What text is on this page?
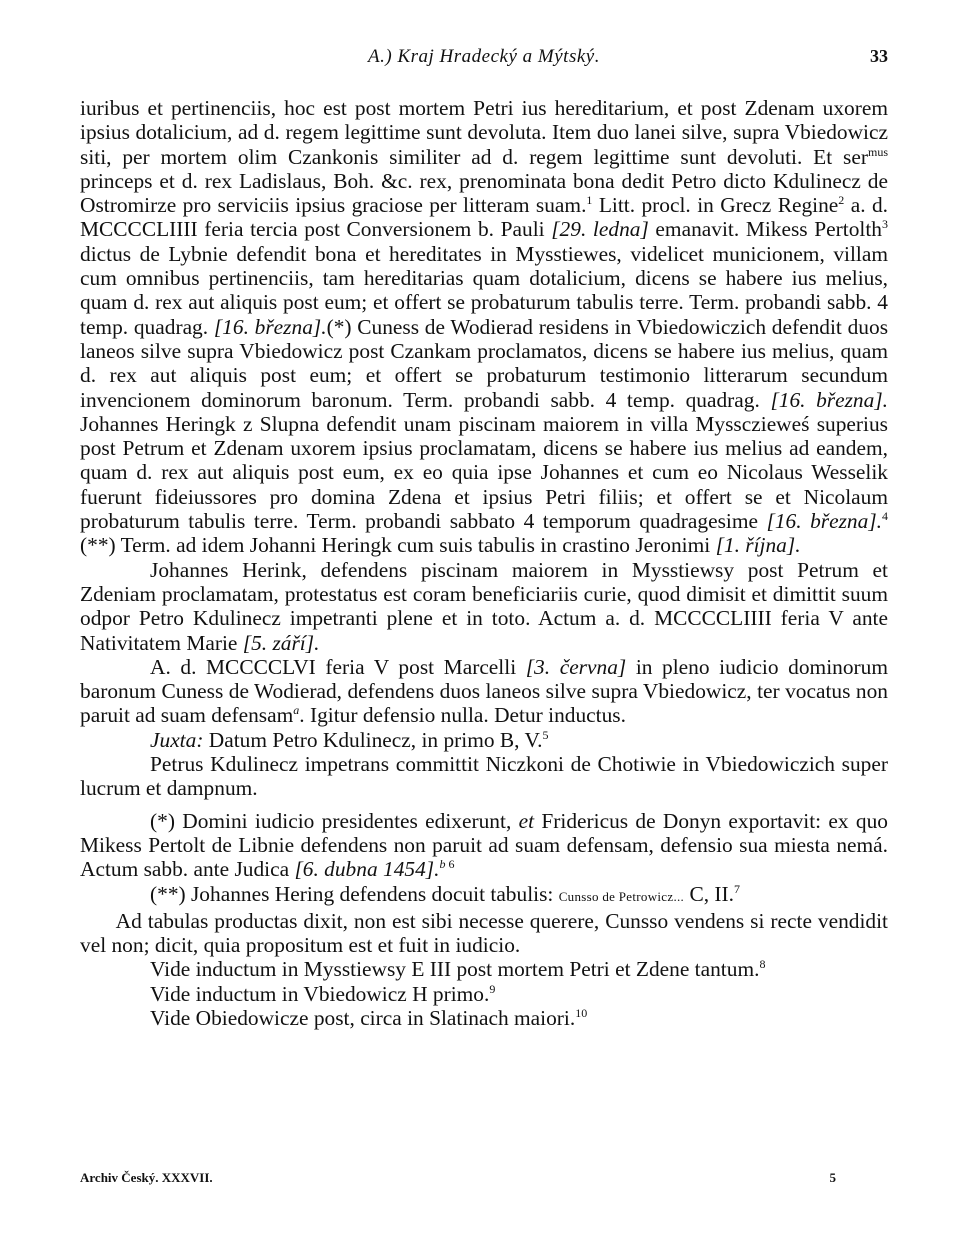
A.) Kraj Hradecký a Mýtský.	33

iuribus et pertinenciis, hoc est post mortem Petri ius hereditarium, et post Zdenam uxorem ipsius dotalicium, ad d. regem legittime sunt devoluta. Item duo lanei silve, supra Vbiedowicz siti, per mortem olim Czankonis similiter ad d. regem legittime sunt devoluti. Et ser$^{mus}$ princeps et d. rex Ladislaus, Boh. &c. rex, prenominata bona dedit Petro dicto Kdulinecz de Ostromirze pro serviciis ipsius graciose per litteram suam.$^1$ Litt. procl. in Grecz Regine$^2$ a. d. MCCCCLIIII feria tercia post Conversionem b. Pauli [29. ledna] emanavit. Mikess Pertolth$^3$ dictus de Lybnie defendit bona et hereditates in Mysstiewes, videlicet municionem, villam cum omnibus pertinenciis, tam hereditarias quam dotalicium, dicens se habere ius melius, quam d. rex aut aliquis post eum; et offert se probaturum tabulis terre. Term. probandi sabb. 4 temp. quadrag. [16. března].(*) Cuness de Wodierad residens in Vbiedowiczich defendit duos laneos silve supra Vbiedowicz post Czankam proclamatos, dicens se habere ius melius, quam d. rex aut aliquis post eum; et offert se probaturum testimonio litterarum secundum invencionem dominorum baronum. Term. probandi sabb. 4 temp. quadrag. [16. března]. Johannes Heringk z Slupna defendit unam piscinam maiorem in villa Myssczieweś superius post Petrum et Zdenam uxorem ipsius proclamatam, dicens se habere ius melius ad eandem, quam d. rex aut aliquis post eum, ex eo quia ipse Johannes et cum eo Nicolaus Wesselik fuerunt fideiussores pro domina Zdena et ipsius Petri filiis; et offert se et Nicolaum probaturum tabulis terre. Term. probandi sabbato 4 temporum quadragesime [16. března].$^4$ (**) Term. ad idem Johanni Heringk cum suis tabulis in crastino Jeronimi [1. října].

Johannes Herink, defendens piscinam maiorem in Mysstiewsy post Petrum et Zdeniam proclamatam, protestatus est coram beneficiariis curie, quod dimisit et dimittit suum odpor Petro Kdulinecz impetranti plene et in toto. Actum a. d. MCCCCLIIII feria V ante Nativitatem Marie [5. září].

A. d. MCCCCLVI feria V post Marcelli [3. června] in pleno iudicio dominorum baronum Cuness de Wodierad, defendens duos laneos silve supra Vbiedowicz, ter vocatus non paruit ad suam defensam$^a$. Igitur defensio nulla. Detur inductus.

Juxta: Datum Petro Kdulinecz, in primo B, V.$^5$

Petrus Kdulinecz impetrans committit Niczkoni de Chotiwie in Vbiedowiczich super lucrum et dampnum.

(*) Domini iudicio presidentes edixerunt, et Fridericus de Donyn exportavit: ex quo Mikess Pertolt de Libnie defendens non paruit ad suam defensam, defensio sua miesta nemá. Actum sabb. ante Judica [6. dubna 1454].$^{b 6}$

(**) Johannes Hering defendens docuit tabulis: Cunsso de Petrowicz... C, II.$^7$

Ad tabulas productas dixit, non est sibi necesse querere, Cunsso vendens si recte vendidit vel non; dicit, quia propositum est et fuit in iudicio.

Vide inductum in Mysstiewsy E III post mortem Petri et Zdene tantum.$^8$

Vide inductum in Vbiedowicz H primo.$^9$

Vide Obiedowicze post, circa in Slatinach maiori.$^{10}$

Archiv Český. XXXVII.	5
